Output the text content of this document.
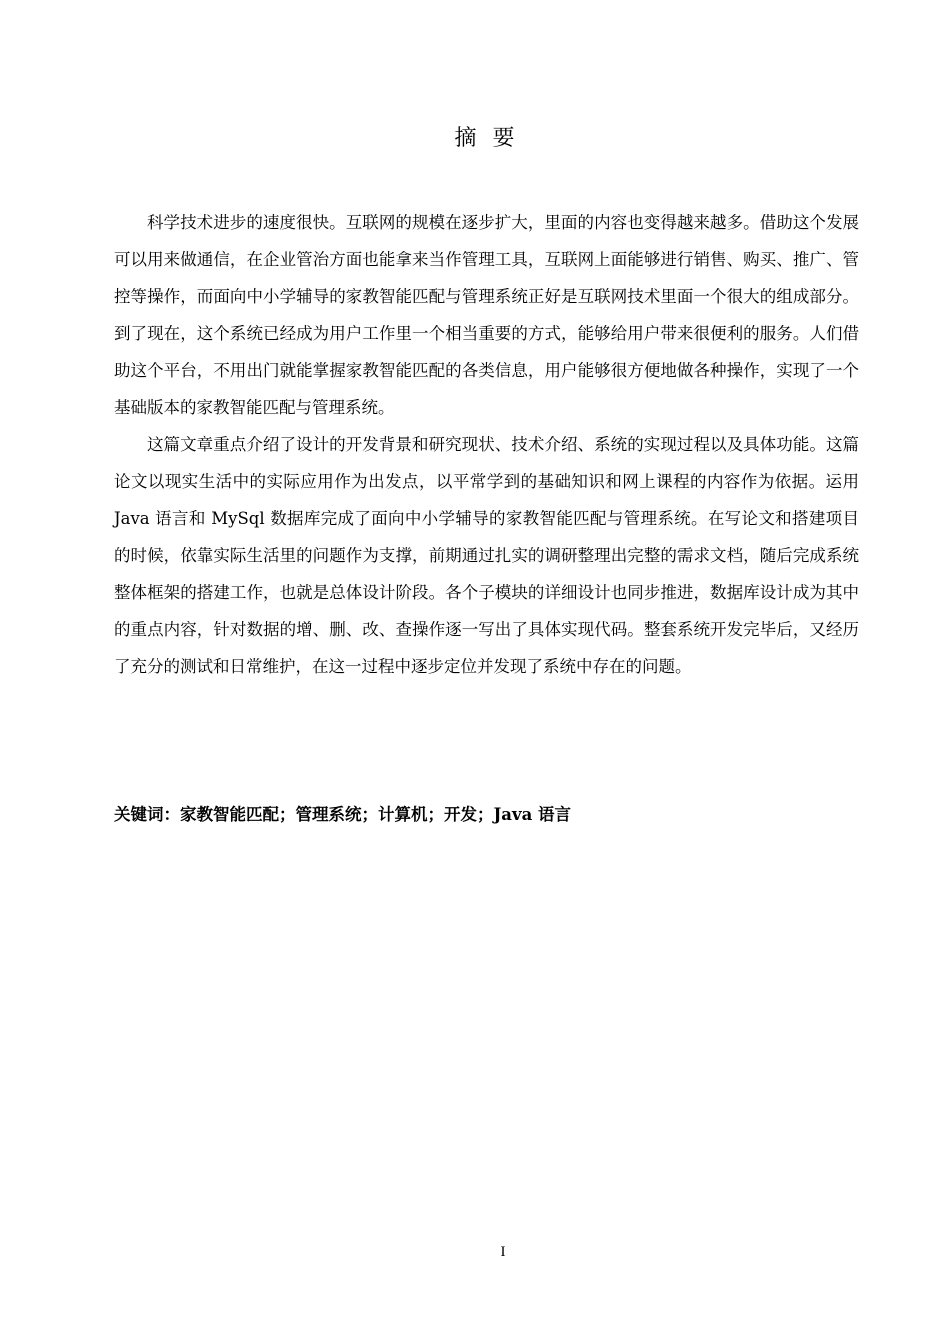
摘要

科学技术进步的速度很快。互联网的规模在逐步扩大，里面的内容也变得越来越多。借助这个发展可以用来做通信，在企业管治方面也能拿来当作管理工具，互联网上面能够进行销售、购买、推广、管控等操作，而面向中小学辅导的家教智能匹配与管理系统正好是互联网技术里面一个很大的组成部分。到了现在，这个系统已经成为用户工作里一个相当重要的方式，能够给用户带来很便利的服务。人们借助这个平台，不用出门就能掌握家教智能匹配的各类信息，用户能够很方便地做各种操作，实现了一个基础版本的家教智能匹配与管理系统。

这篇文章重点介绍了设计的开发背景和研究现状、技术介绍、系统的实现过程以及具体功能。这篇论文以现实生活中的实际应用作为出发点，以平常学到的基础知识和网上课程的内容作为依据。运用 Java 语言和 MySql 数据库完成了面向中小学辅导的家教智能匹配与管理系统。在写论文和搭建项目的时候，依靠实际生活里的问题作为支撑，前期通过扎实的调研整理出完整的需求文档，随后完成系统整体框架的搭建工作，也就是总体设计阶段。各个子模块的详细设计也同步推进，数据库设计成为其中的重点内容，针对数据的增、删、改、查操作逐一写出了具体实现代码。整套系统开发完毕后，又经历了充分的测试和日常维护，在这一过程中逐步定位并发现了系统中存在的问题。

关键词：家教智能匹配；管理系统；计算机；开发；Java 语言
I
